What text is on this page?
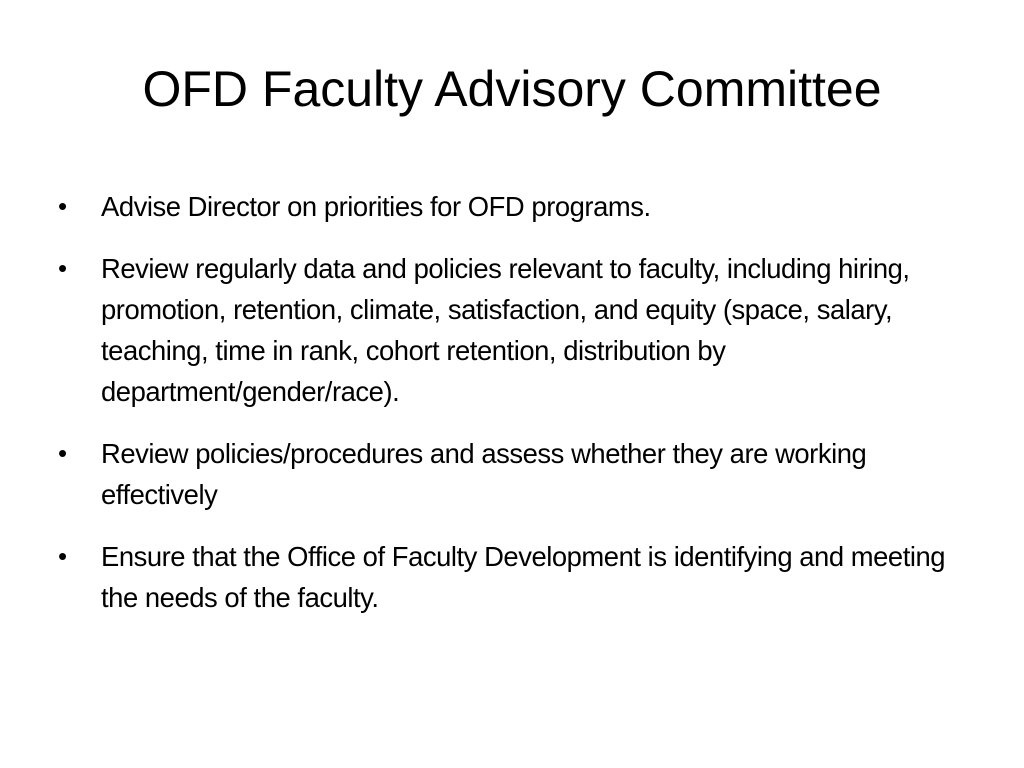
OFD Faculty Advisory Committee
•	Advise Director on priorities for OFD programs.
•	Review regularly data and policies relevant to faculty, including hiring, promotion, retention, climate, satisfaction, and equity (space, salary, teaching, time in rank, cohort retention, distribution by department/gender/race).
•	Review policies/procedures and assess whether they are working effectively
•	Ensure that the Office of Faculty Development is identifying and meeting the needs of the faculty.
